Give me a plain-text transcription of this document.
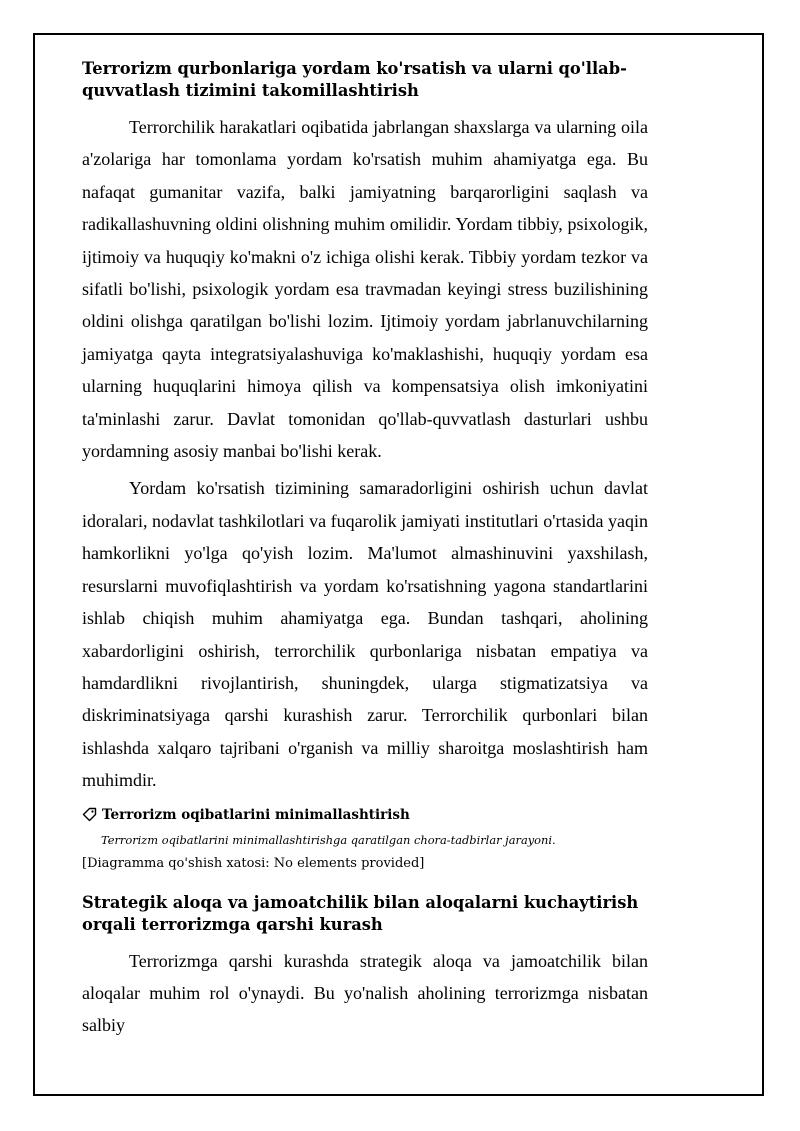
Terrorizm qurbonlariga yordam ko'rsatish va ularni qo'llab-quvvatlash tizimini takomillashtirish

Terrorchilik harakatlari oqibatida jabrlangan shaxslarga va ularning oila a'zolariga har tomonlama yordam ko'rsatish muhim ahamiyatga ega. Bu nafaqat gumanitar vazifa, balki jamiyatning barqarorligini saqlash va radikallashuvning oldini olishning muhim omilidir. Yordam tibbiy, psixologik, ijtimoiy va huquqiy ko'makni o'z ichiga olishi kerak. Tibbiy yordam tezkor va sifatli bo'lishi, psixologik yordam esa travmadan keyingi stress buzilishining oldini olishga qaratilgan bo'lishi lozim. Ijtimoiy yordam jabrlanuvchilarning jamiyatga qayta integratsiyalashuviga ko'maklashishi, huquqiy yordam esa ularning huquqlarini himoya qilish va kompensatsiya olish imkoniyatini ta'minlashi zarur. Davlat tomonidan qo'llab-quvvatlash dasturlari ushbu yordamning asosiy manbai bo'lishi kerak.

Yordam ko'rsatish tizimining samaradorligini oshirish uchun davlat idoralari, nodavlat tashkilotlari va fuqarolik jamiyati institutlari o'rtasida yaqin hamkorlikni yo'lga qo'yish lozim. Ma'lumot almashinuvini yaxshilash, resurslarni muvofiqlashtirish va yordam ko'rsatishning yagona standartlarini ishlab chiqish muhim ahamiyatga ega. Bundan tashqari, aholining xabardorligini oshirish, terrorchilik qurbonlariga nisbatan empatiya va hamdardlikni rivojlantirish, shuningdek, ularga stigmatizatsiya va diskriminatsiyaga qarshi kurashish zarur. Terrorchilik qurbonlari bilan ishlashda xalqaro tajribani o'rganish va milliy sharoitga moslashtirish ham muhimdir.

Terrorizm oqibatlarini minimallashtirish
Terrorizm oqibatlarini minimallashtirishga qaratilgan chora-tadbirlar jarayoni.
[Diagramma qo'shish xatosi: No elements provided]
Strategik aloqa va jamoatchilik bilan aloqalarni kuchaytirish orqali terrorizmga qarshi kurash

Terrorizmga qarshi kurashda strategik aloqa va jamoatchilik bilan aloqalar muhim rol o'ynaydi. Bu yo'nalish aholining terrorizmga nisbatan salbiy
